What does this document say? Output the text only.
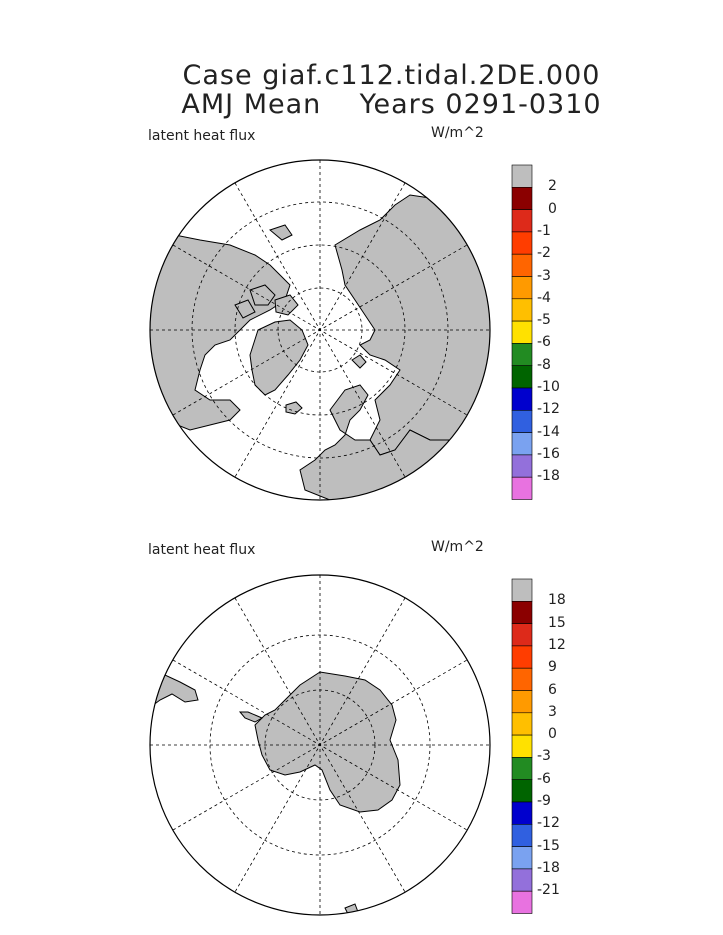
Case giaf.c112.tidal.2DE.000
AMJ Mean    Years 0291-0310
latent heat flux	W/m^2
latent heat flux	W/m^2
2
0
-1
-2
-3
-4
-5
-6
-8
-10
-12
-14
-16
-18
18
15
12
9
6
3
0
-3
-6
-9
-12
-15
-18
-21
